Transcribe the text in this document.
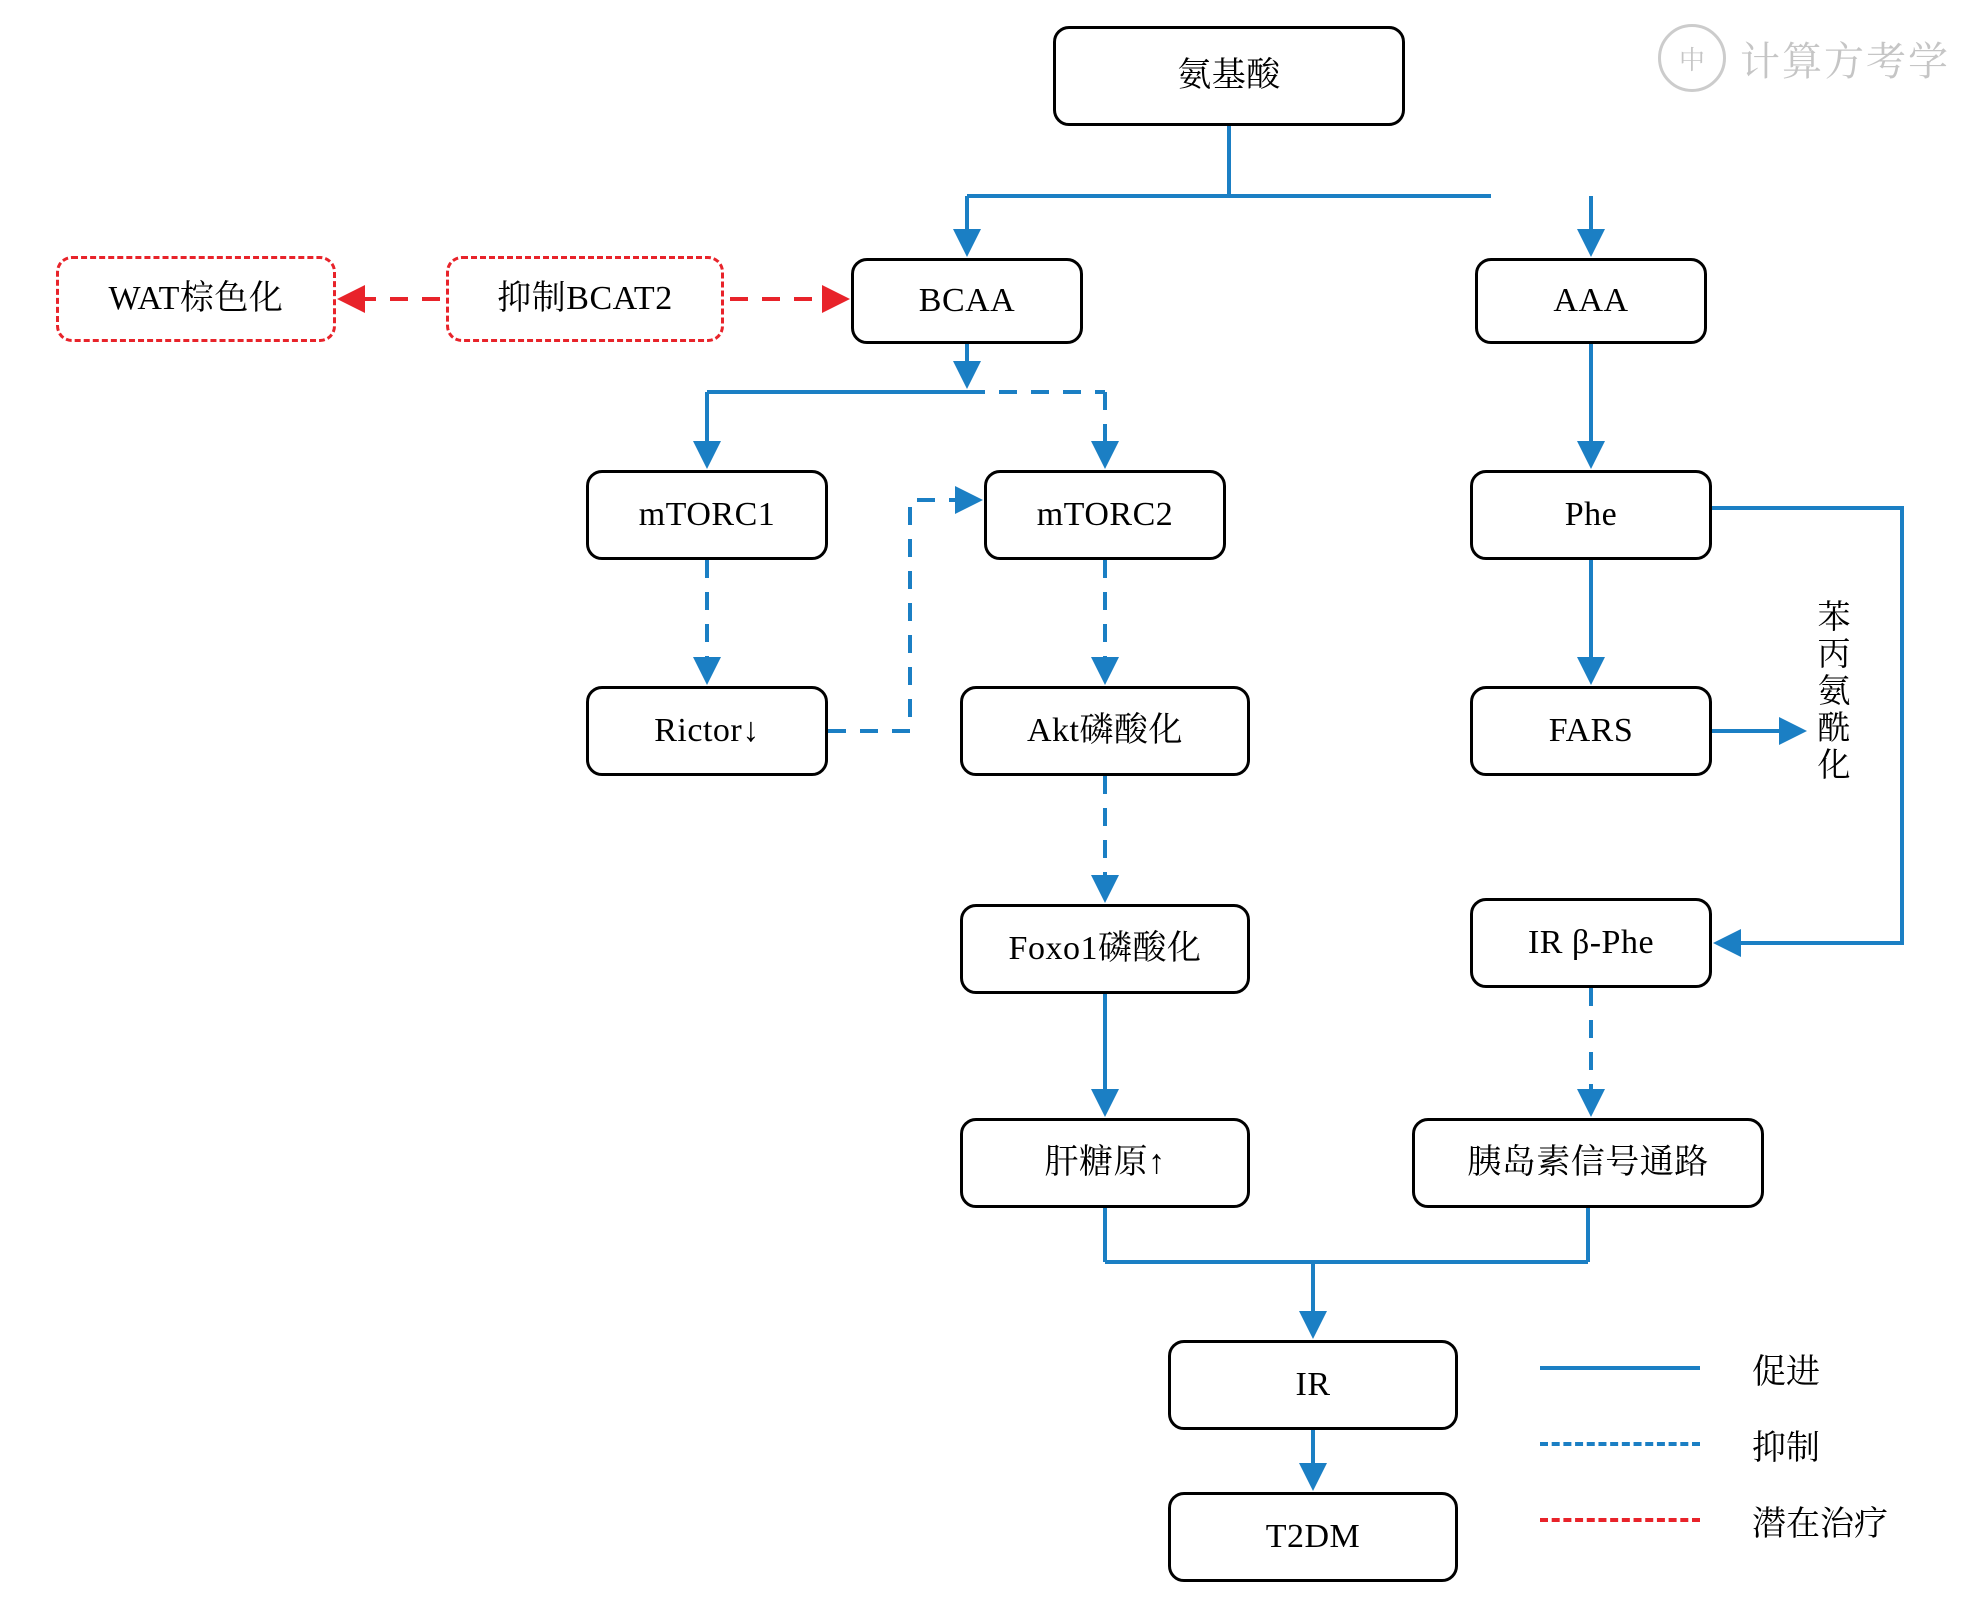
氨基酸
BCAA	AAA
WAT棕色化	抑制BCAT2
mTORC1	mTORC2	Phe
Rictor↓	Akt磷酸化	FARS
Foxo1磷酸化	IR β-Phe
肝糖原↑	胰岛素信号通路
IR
T2DM
苯丙氨酰化
促进
抑制
潜在治疗
中 计算方考学
